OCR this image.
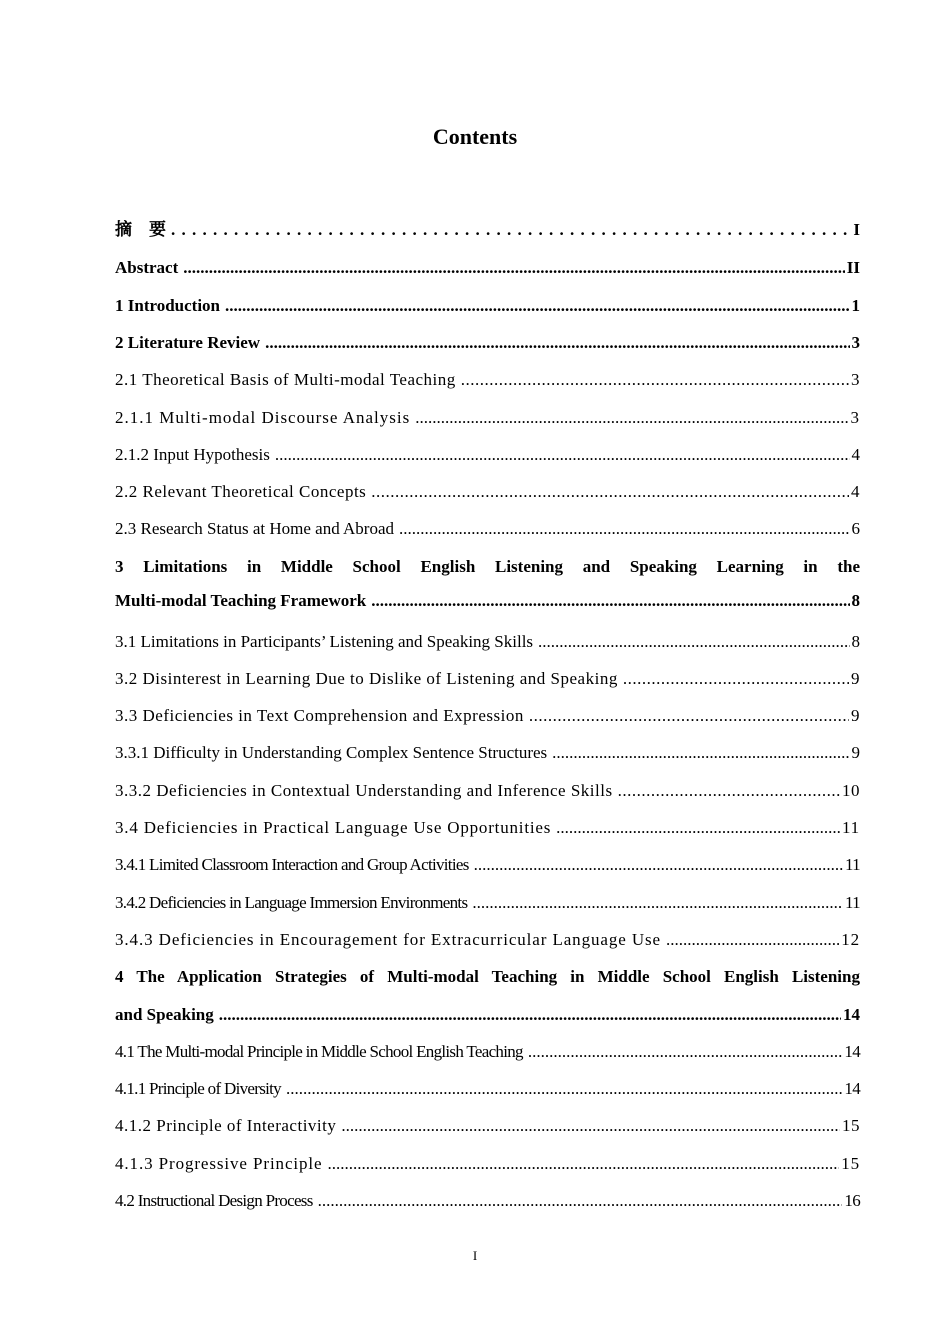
Contents
摘　要 . . .	I
Abstract .....	II
1 Introduction .....	1
2 Literature Review .....	3
2.1 Theoretical Basis of Multi-modal Teaching .....	3
2.1.1 Multi-modal Discourse Analysis .....	3
2.1.2 Input Hypothesis .....	4
2.2 Relevant Theoretical Concepts .....	4
2.3 Research Status at Home and Abroad .....	6
3 Limitations in Middle School English Listening and Speaking Learning in the
Multi-modal Teaching Framework .....	8
3.1 Limitations in Participants’ Listening and Speaking Skills .....	8
3.2 Disinterest in Learning Due to Dislike of Listening and Speaking .....	9
3.3 Deficiencies in Text Comprehension and Expression .....	9
3.3.1 Difficulty in Understanding Complex Sentence Structures .....	9
3.3.2 Deficiencies in Contextual Understanding and Inference Skills .....	10
3.4 Deficiencies in Practical Language Use Opportunities .....	11
3.4.1 Limited Classroom Interaction and Group Activities .....	11
3.4.2 Deficiencies in Language Immersion Environments .....	11
3.4.3 Deficiencies in Encouragement for Extracurricular Language Use .....	12
4 The Application Strategies of Multi-modal Teaching in Middle School English Listening
and Speaking .....	14
4.1 The Multi-modal Principle in Middle School English Teaching .....	14
4.1.1 Principle of Diversity .....	14
4.1.2 Principle of Interactivity .....	15
4.1.3 Progressive Principle .....	15
4.2 Instructional Design Process .....	16
I
